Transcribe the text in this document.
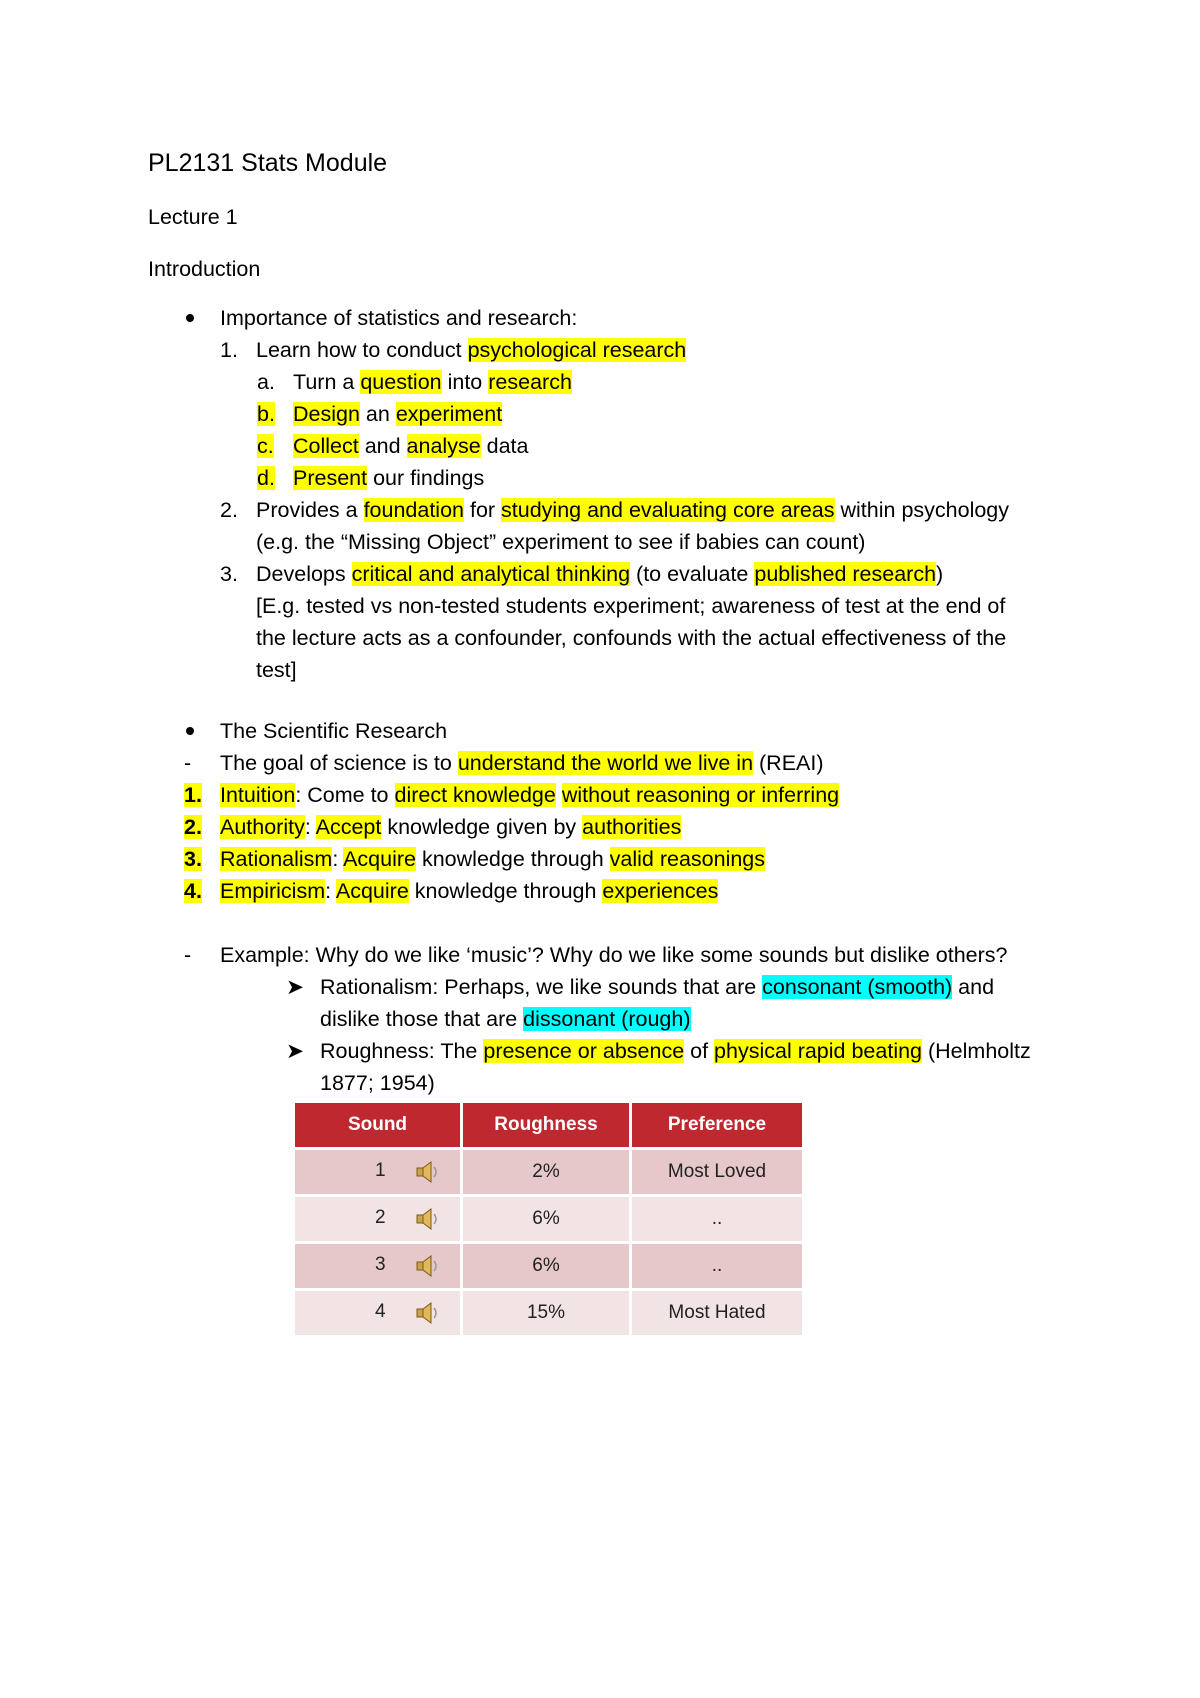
PL2131 Stats Module
Lecture 1
Introduction
Importance of statistics and research:
1. Learn how to conduct psychological research
a. Turn a question into research
b. Design an experiment
c. Collect and analyse data
d. Present our findings
2. Provides a foundation for studying and evaluating core areas within psychology
(e.g. the “Missing Object” experiment to see if babies can count)
3. Develops critical and analytical thinking (to evaluate published research)
[E.g. tested vs non-tested students experiment; awareness of test at the end of
the lecture acts as a confounder, confounds with the actual effectiveness of the
test]
The Scientific Research
- The goal of science is to understand the world we live in (REAI)
1. Intuition: Come to direct knowledge without reasoning or inferring
2. Authority: Accept knowledge given by authorities
3. Rationalism: Acquire knowledge through valid reasonings
4. Empiricism: Acquire knowledge through experiences
- Example: Why do we like ‘music’? Why do we like some sounds but dislike others?
➤ Rationalism: Perhaps, we like sounds that are consonant (smooth) and
dislike those that are dissonant (rough)
➤ Roughness: The presence or absence of physical rapid beating (Helmholtz
1877; 1954)
Sound	Roughness	Preference

1	2%	Most Loved

2	6%	..

3	6%	..

4	15%	Most Hated
